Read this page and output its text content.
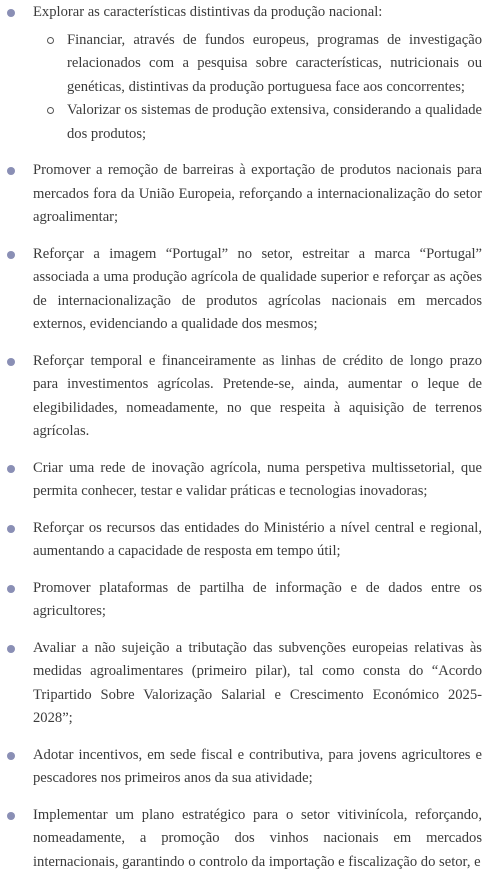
Explorar as características distintivas da produção nacional:
Financiar, através de fundos europeus, programas de investigação relacionados com a pesquisa sobre características, nutricionais ou genéticas, distintivas da produção portuguesa face aos concorrentes;
Valorizar os sistemas de produção extensiva, considerando a qualidade dos produtos;
Promover a remoção de barreiras à exportação de produtos nacionais para mercados fora da União Europeia, reforçando a internacionalização do setor agroalimentar;
Reforçar a imagem “Portugal” no setor, estreitar a marca “Portugal” associada a uma produção agrícola de qualidade superior e reforçar as ações de internacionalização de produtos agrícolas nacionais em mercados externos, evidenciando a qualidade dos mesmos;
Reforçar temporal e financeiramente as linhas de crédito de longo prazo para investimentos agrícolas. Pretende-se, ainda, aumentar o leque de elegibilidades, nomeadamente, no que respeita à aquisição de terrenos agrícolas.
Criar uma rede de inovação agrícola, numa perspetiva multissetorial, que permita conhecer, testar e validar práticas e tecnologias inovadoras;
Reforçar os recursos das entidades do Ministério a nível central e regional, aumentando a capacidade de resposta em tempo útil;
Promover plataformas de partilha de informação e de dados entre os agricultores;
Avaliar a não sujeição a tributação das subvenções europeias relativas às medidas agroalimentares (primeiro pilar), tal como consta do “Acordo Tripartido Sobre Valorização Salarial e Crescimento Económico 2025-2028”;
Adotar incentivos, em sede fiscal e contributiva, para jovens agricultores e pescadores nos primeiros anos da sua atividade;
Implementar um plano estratégico para o setor vitivinícola, reforçando, nomeadamente, a promoção dos vinhos nacionais em mercados internacionais, garantindo o controlo da importação e fiscalização do setor, e
